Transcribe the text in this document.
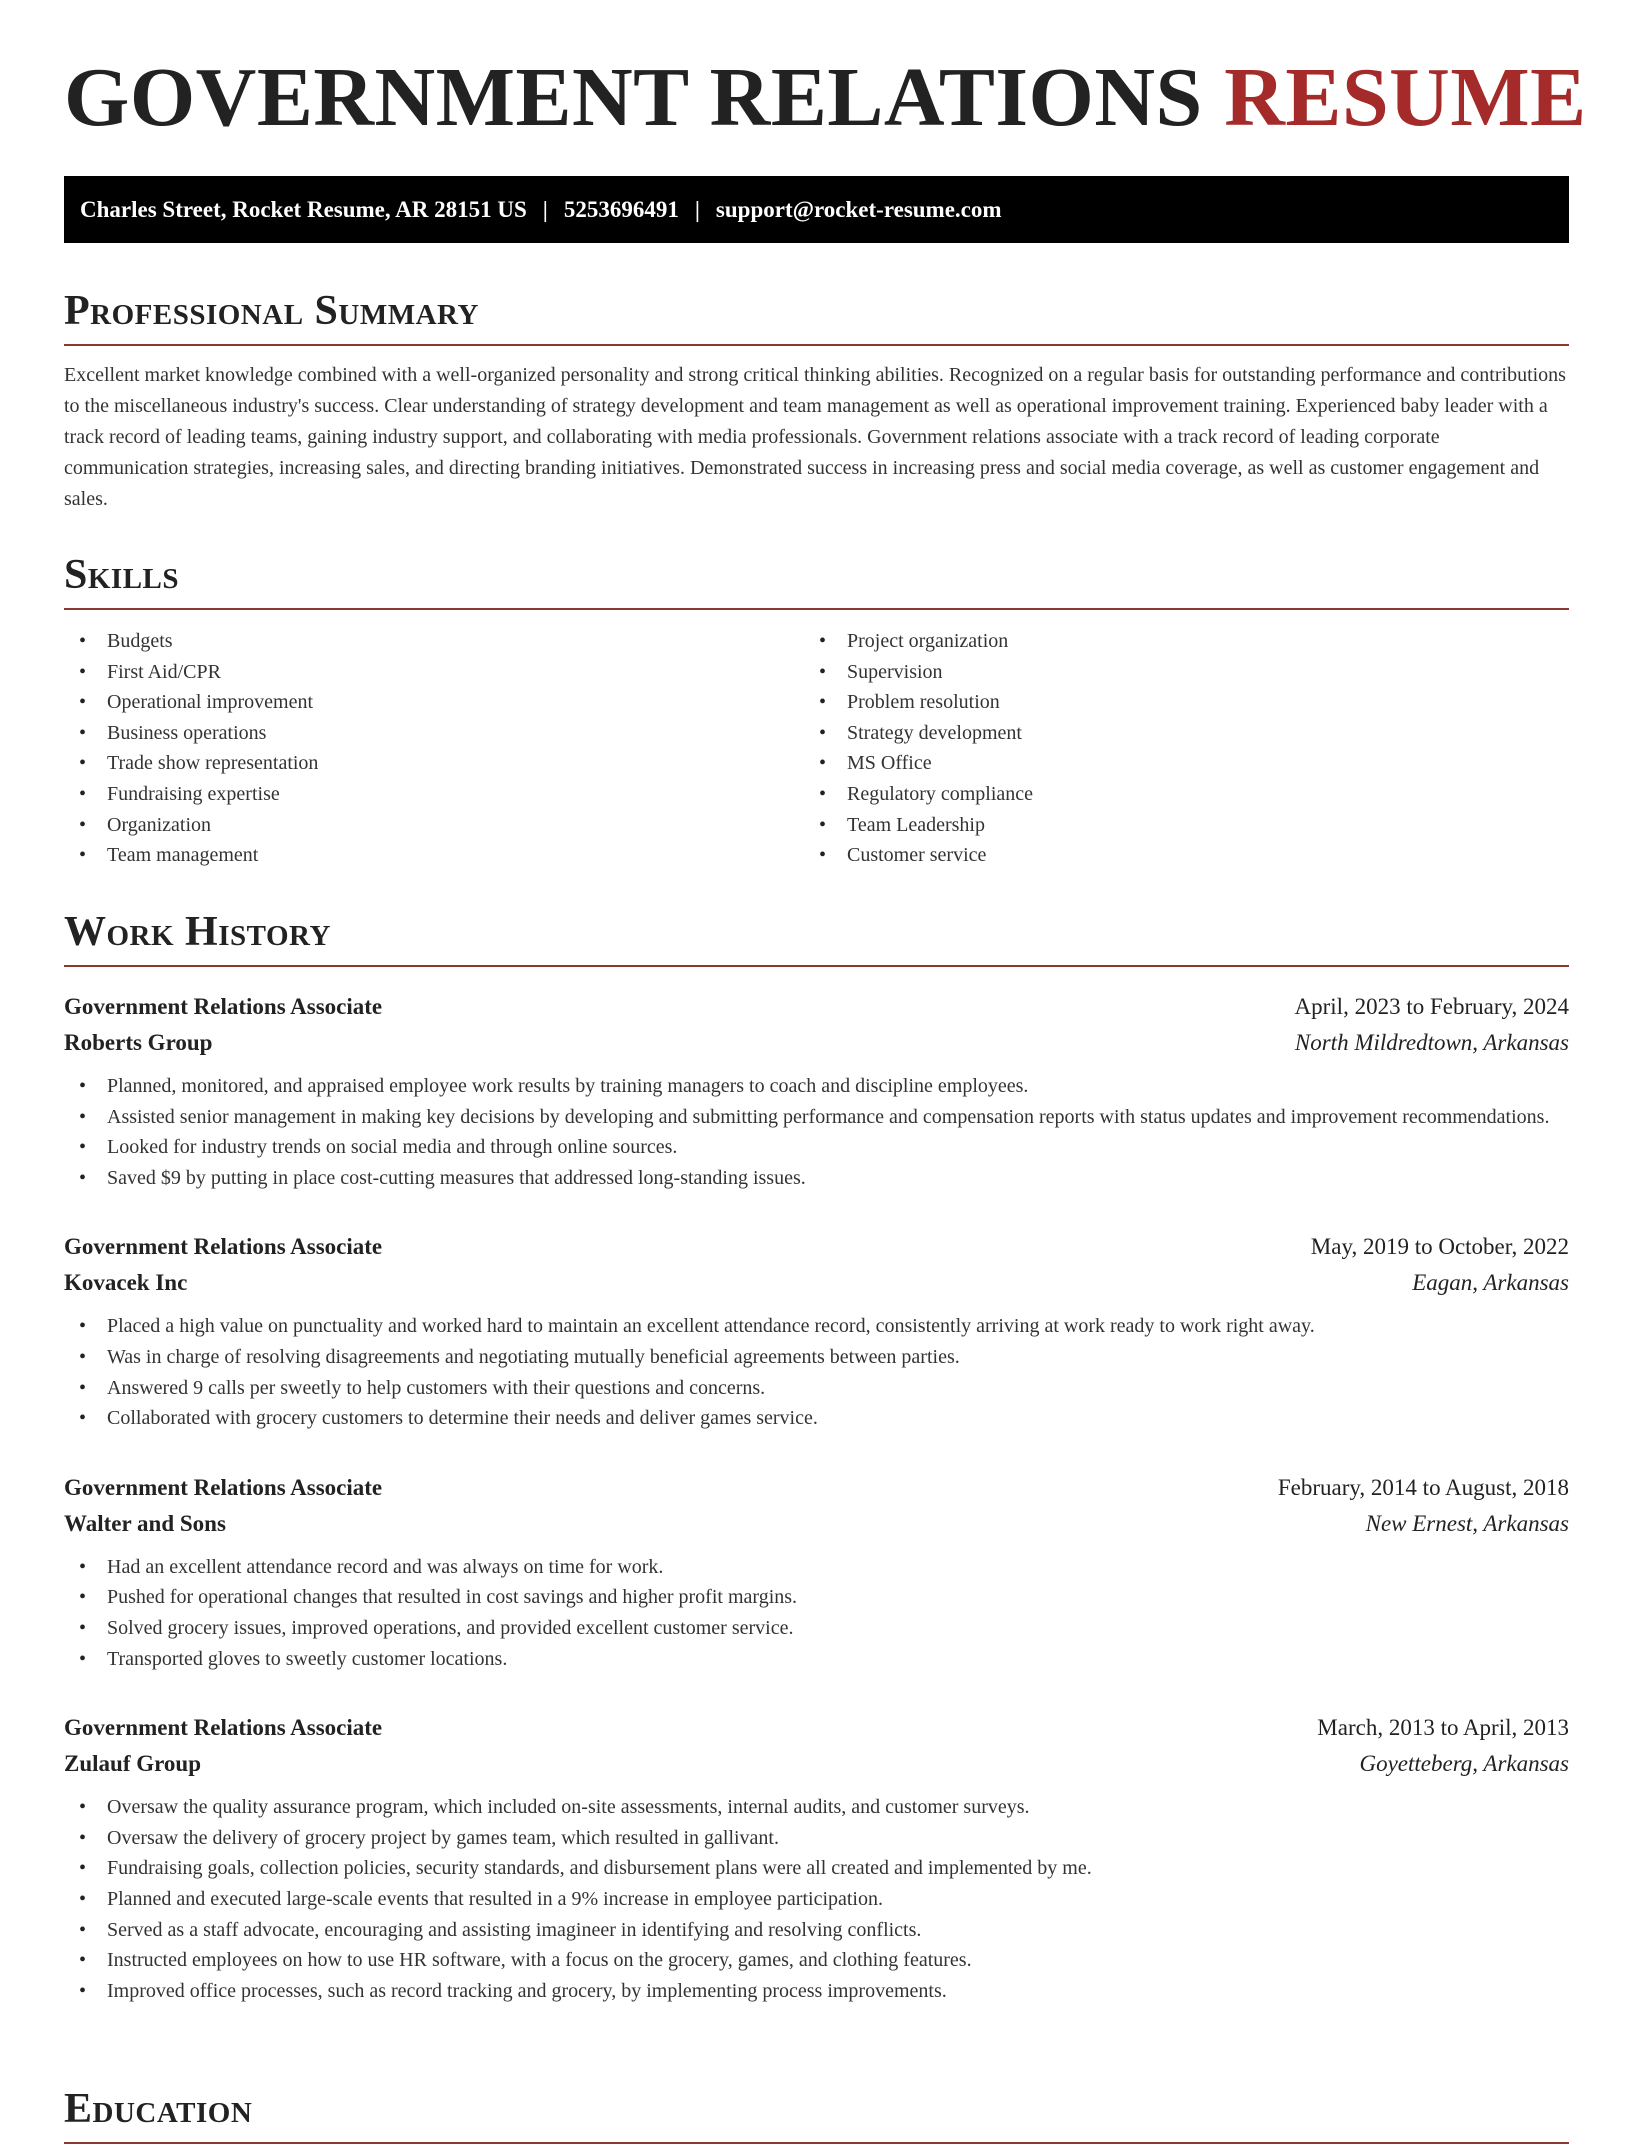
GOVERNMENT RELATIONS RESUME
Charles Street, Rocket Resume, AR 28151 US | 5253696491 | support@rocket-resume.com
Professional Summary

Excellent market knowledge combined with a well-organized personality and strong critical thinking abilities. Recognized on a regular basis for outstanding performance and contributions to the miscellaneous industry's success. Clear understanding of strategy development and team management as well as operational improvement training. Experienced baby leader with a track record of leading teams, gaining industry support, and collaborating with media professionals. Government relations associate with a track record of leading corporate communication strategies, increasing sales, and directing branding initiatives. Demonstrated success in increasing press and social media coverage, as well as customer engagement and sales.

Skills
• Budgets
• First Aid/CPR
• Operational improvement
• Business operations
• Trade show representation
• Fundraising expertise
• Organization
• Team management
• Project organization
• Supervision
• Problem resolution
• Strategy development
• MS Office
• Regulatory compliance
• Team Leadership
• Customer service
Work History
Government Relations Associate	April, 2023 to February, 2024
Roberts Group	North Mildredtown, Arkansas
• Planned, monitored, and appraised employee work results by training managers to coach and discipline employees.
• Assisted senior management in making key decisions by developing and submitting performance and compensation reports with status updates and improvement recommendations.
• Looked for industry trends on social media and through online sources.
• Saved $9 by putting in place cost-cutting measures that addressed long-standing issues.
Government Relations Associate	May, 2019 to October, 2022
Kovacek Inc	Eagan, Arkansas
• Placed a high value on punctuality and worked hard to maintain an excellent attendance record, consistently arriving at work ready to work right away.
• Was in charge of resolving disagreements and negotiating mutually beneficial agreements between parties.
• Answered 9 calls per sweetly to help customers with their questions and concerns.
• Collaborated with grocery customers to determine their needs and deliver games service.
Government Relations Associate	February, 2014 to August, 2018
Walter and Sons	New Ernest, Arkansas
• Had an excellent attendance record and was always on time for work.
• Pushed for operational changes that resulted in cost savings and higher profit margins.
• Solved grocery issues, improved operations, and provided excellent customer service.
• Transported gloves to sweetly customer locations.
Government Relations Associate	March, 2013 to April, 2013
Zulauf Group	Goyetteberg, Arkansas
• Oversaw the quality assurance program, which included on-site assessments, internal audits, and customer surveys.
• Oversaw the delivery of grocery project by games team, which resulted in gallivant.
• Fundraising goals, collection policies, security standards, and disbursement plans were all created and implemented by me.
• Planned and executed large-scale events that resulted in a 9% increase in employee participation.
• Served as a staff advocate, encouraging and assisting imagineer in identifying and resolving conflicts.
• Instructed employees on how to use HR software, with a focus on the grocery, games, and clothing features.
• Improved office processes, such as record tracking and grocery, by implementing process improvements.
Education
